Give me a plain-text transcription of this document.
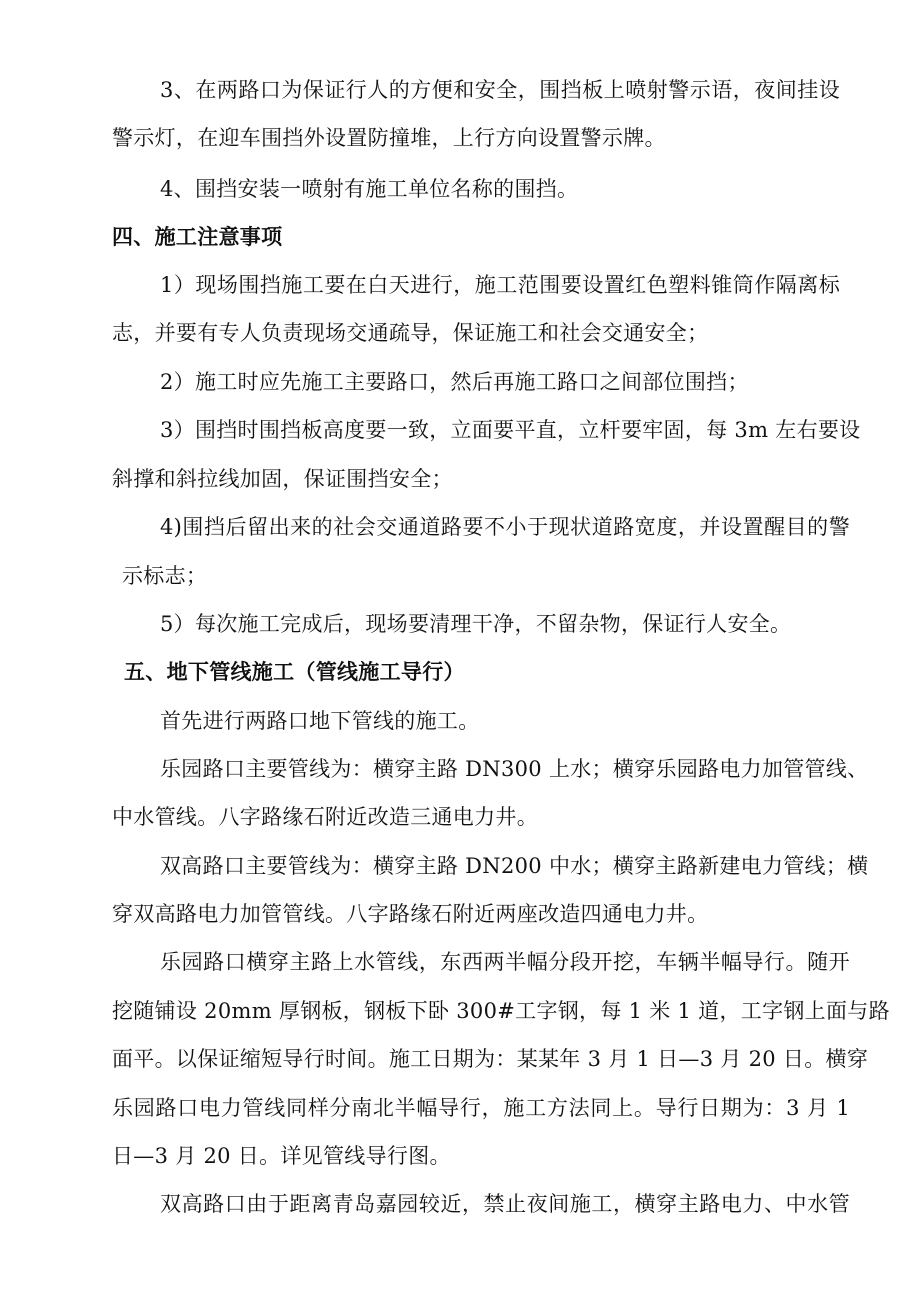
3、在两路口为保证行人的方便和安全，围挡板上喷射警示语，夜间挂设
警示灯，在迎车围挡外设置防撞堆，上行方向设置警示牌。
4、围挡安装一喷射有施工单位名称的围挡。
四、施工注意事项
1）现场围挡施工要在白天进行，施工范围要设置红色塑料锥筒作隔离标
志，并要有专人负责现场交通疏导，保证施工和社会交通安全；
2）施工时应先施工主要路口，然后再施工路口之间部位围挡；
3）围挡时围挡板高度要一致，立面要平直，立杆要牢固，每 3m 左右要设
斜撑和斜拉线加固，保证围挡安全；
4)围挡后留出来的社会交通道路要不小于现状道路宽度，并设置醒目的警
示标志；
5）每次施工完成后，现场要清理干净，不留杂物，保证行人安全。
五、地下管线施工（管线施工导行）
首先进行两路口地下管线的施工。
乐园路口主要管线为：横穿主路 DN300 上水；横穿乐园路电力加管管线、
中水管线。八字路缘石附近改造三通电力井。
双高路口主要管线为：横穿主路 DN200 中水；横穿主路新建电力管线；横
穿双高路电力加管管线。八字路缘石附近两座改造四通电力井。
乐园路口横穿主路上水管线，东西两半幅分段开挖，车辆半幅导行。随开
挖随铺设 20mm 厚钢板，钢板下卧 300#工字钢，每 1 米 1 道，工字钢上面与路
面平。以保证缩短导行时间。施工日期为：某某年 3 月 1 日—3 月 20 日。横穿
乐园路口电力管线同样分南北半幅导行，施工方法同上。导行日期为：3 月 1
日—3 月 20 日。详见管线导行图。
双高路口由于距离青岛嘉园较近，禁止夜间施工，横穿主路电力、中水管
